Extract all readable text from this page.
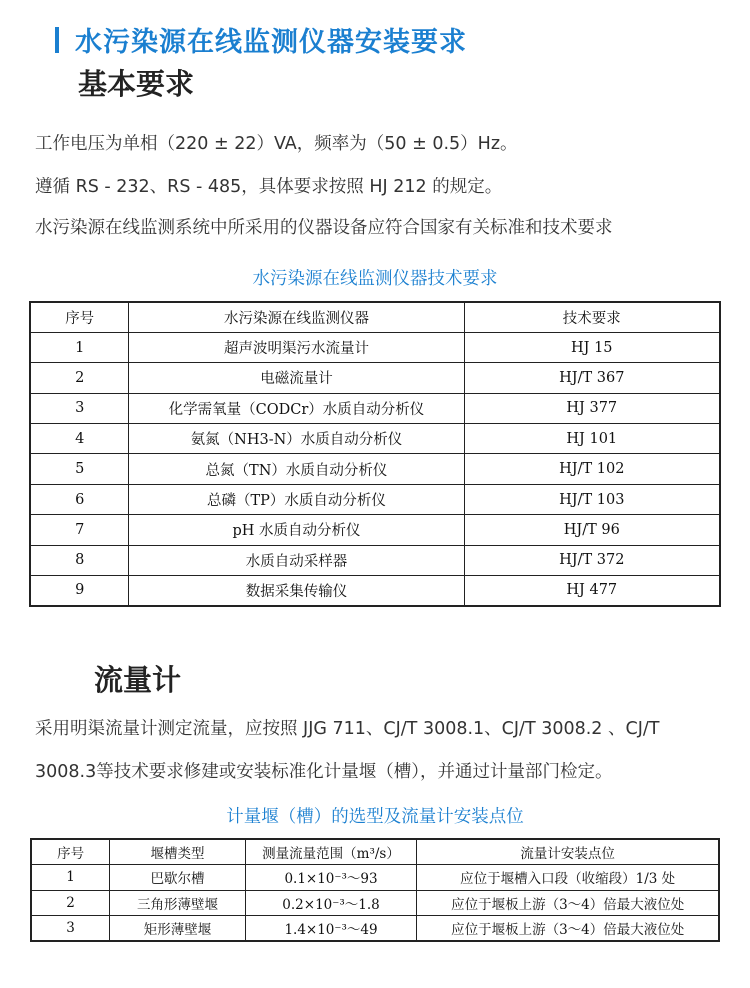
水污染源在线监测仪器安装要求
基本要求
工作电压为单相（220 ± 22）VA，频率为（50 ± 0.5）Hz。
遵循 RS - 232、RS - 485，具体要求按照 HJ 212 的规定。
水污染源在线监测系统中所采用的仪器设备应符合国家有关标准和技术要求
水污染源在线监测仪器技术要求
序号	水污染源在线监测仪器	技术要求
1	超声波明渠污水流量计	HJ 15
2	电磁流量计	HJ/T 367
3	化学需氧量（CODCr）水质自动分析仪	HJ 377
4	氨氮（NH3-N）水质自动分析仪	HJ 101
5	总氮（TN）水质自动分析仪	HJ/T 102
6	总磷（TP）水质自动分析仪	HJ/T 103
7	pH 水质自动分析仪	HJ/T 96
8	水质自动采样器	HJ/T 372
9	数据采集传输仪	HJ 477
流量计
采用明渠流量计测定流量，应按照 JJG 711、CJ/T 3008.1、CJ/T 3008.2 、CJ/T
3008.3等技术要求修建或安装标准化计量堰（槽），并通过计量部门检定。
计量堰（槽）的选型及流量计安装点位
序号	堰槽类型	测量流量范围（m³/s）	流量计安装点位
1	巴歇尔槽	0.1×10⁻³～93	应位于堰槽入口段（收缩段）1/3 处
2	三角形薄壁堰	0.2×10⁻³～1.8	应位于堰板上游（3～4）倍最大液位处
3	矩形薄壁堰	1.4×10⁻³～49	应位于堰板上游（3～4）倍最大液位处
